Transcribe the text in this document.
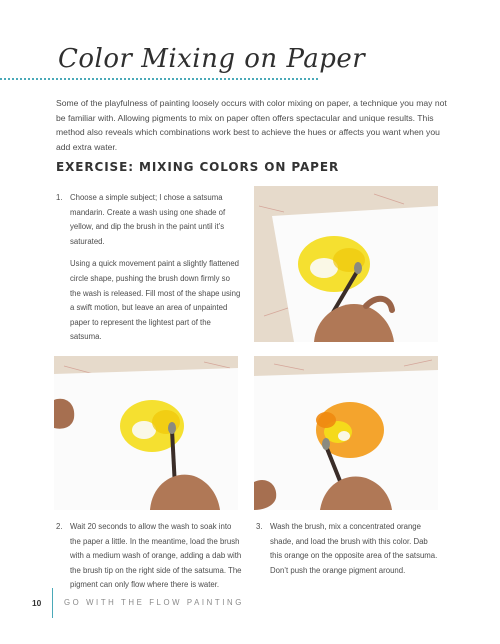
Color Mixing on Paper

Some of the playfulness of painting loosely occurs with color mixing on paper, a technique you may not be familiar with. Allowing pigments to mix on paper often offers spectacular and unique results. This method also reveals which combinations work best to achieve the hues or affects you want when you add extra water.

EXERCISE: MIXING COLORS ON PAPER
1. Choose a simple subject; I chose a satsuma mandarin. Create a wash using one shade of yellow, and dip the brush in the paint until it’s saturated.

Using a quick movement paint a slightly flattened circle shape, pushing the brush down firmly so the wash is released. Fill most of the shape using a swift motion, but leave an area of unpainted paper to represent the lightest part of the satsuma.

2. Wait 20 seconds to allow the wash to soak into the paper a little. In the meantime, load the brush with a medium wash of orange, adding a dab with the brush tip on the right side of the satsuma. The pigment can only flow where there is water.

3. Wash the brush, mix a concentrated orange shade, and load the brush with this color. Dab this orange on the opposite area of the satsuma. Don’t push the orange pigment around.

10	GO WITH THE FLOW PAINTING
